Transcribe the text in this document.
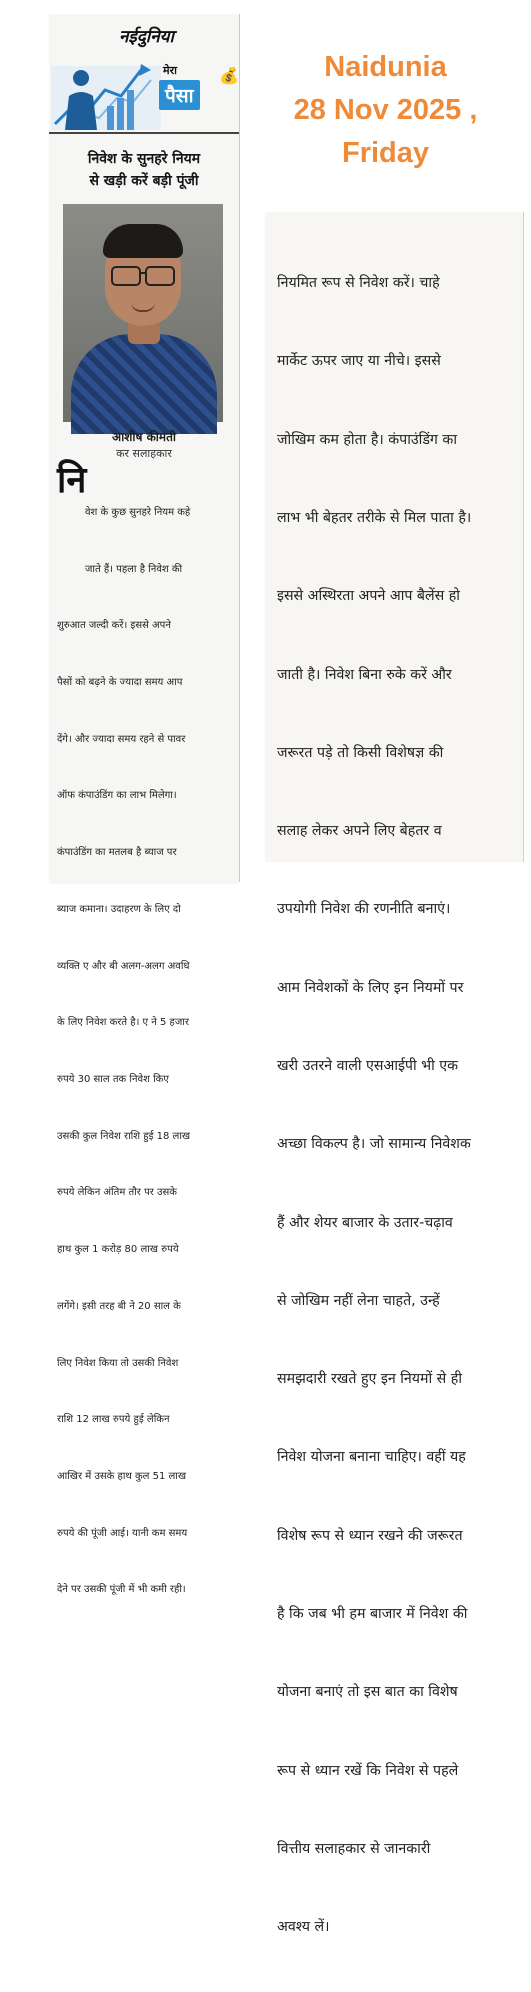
नईदुनिया
मेरा
पैसा
💰
निवेश के सुनहरे नियम
से खड़ी करें बड़ी पूंजी
आशीष कीमती
कर सलाहकार
नि

वेश के कुछ सुनहरे नियम कहे

जाते हैं। पहला है निवेश की

शुरुआत जल्दी करें। इससे अपने

पैसों को बढ़ने के ज्यादा समय आप

देंगे। और ज्यादा समय रहने से पावर

ऑफ कंपाउंडिंग का लाभ मिलेगा।

कंपाउंडिंग का मतलब है ब्याज पर

ब्याज कमाना। उदाहरण के लिए दो

व्यक्ति ए और बी अलग-अलग अवधि

के लिए निवेश करते है। ए ने 5 हजार

रुपये 30 साल तक निवेश किए

उसकी कुल निवेश राशि हुई 18 लाख

रुपये लेकिन अंतिम तौर पर उसके

हाथ कुल 1 करोड़ 80 लाख रुपये

लगेंगे। इसी तरह बी ने 20 साल के

लिए निवेश किया तो उसकी निवेश

राशि 12 लाख रुपये हुई लेकिन

आखिर में उसके हाथ कुल 51 लाख

रुपये की पूंजी आई। यानी कम समय

देने पर उसकी पूंजी में भी कमी रही।

Naidunia
28 Nov 2025 ,
Friday

नियमित रूप से निवेश करें। चाहे

मार्केट ऊपर जाए या नीचे। इससे

जोखिम कम होता है। कंपाउंडिंग का

लाभ भी बेहतर तरीके से मिल पाता है।

इससे अस्थिरता अपने आप बैलेंस हो

जाती है। निवेश बिना रुके करें और

जरूरत पड़े तो किसी विशेषज्ञ की

सलाह लेकर अपने लिए बेहतर व

उपयोगी निवेश की रणनीति बनाएं।

आम निवेशकों के लिए इन नियमों पर

खरी उतरने वाली एसआईपी भी एक

अच्छा विकल्प है। जो सामान्य निवेशक

हैं और शेयर बाजार के उतार-चढ़ाव

से जोखिम नहीं लेना चाहते, उन्हें

समझदारी रखते हुए इन नियमों से ही

निवेश योजना बनाना चाहिए। वहीं यह

विशेष रूप से ध्यान रखने की जरूरत

है कि जब भी हम बाजार में निवेश की

योजना बनाएं तो इस बात का विशेष

रूप से ध्यान रखें कि निवेश से पहले

वित्तीय सलाहकार से जानकारी

अवश्य लें।
